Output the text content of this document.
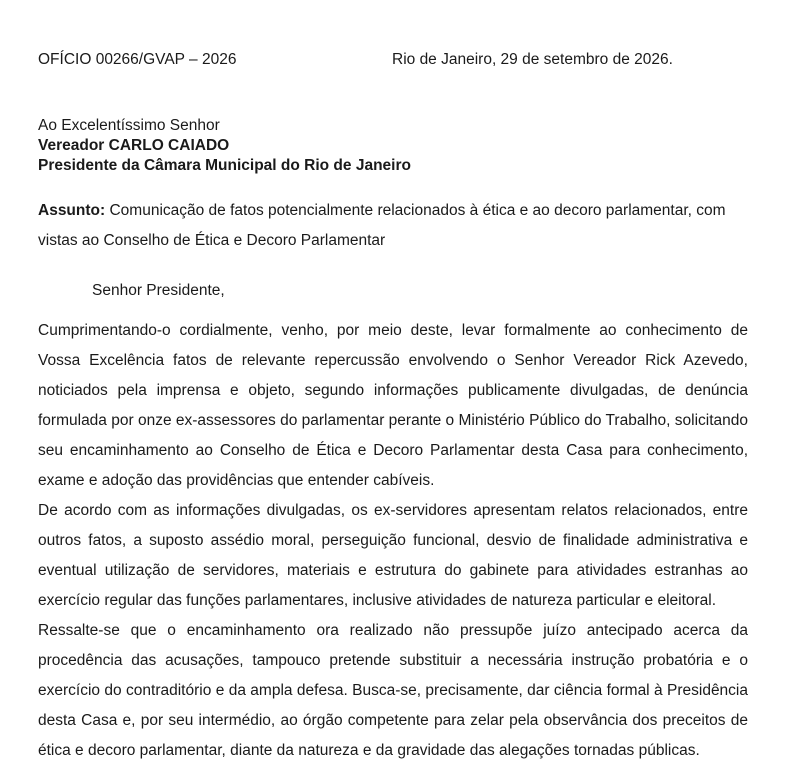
OFÍCIO 00266/GVAP – 2026	Rio de Janeiro, 29 de setembro de 2026.
Ao Excelentíssimo Senhor
Vereador CARLO CAIADO
Presidente da Câmara Municipal do Rio de Janeiro
Assunto: Comunicação de fatos potencialmente relacionados à ética e ao decoro parlamentar, com vistas ao Conselho de Ética e Decoro Parlamentar
Senhor Presidente,

Cumprimentando-o cordialmente, venho, por meio deste, levar formalmente ao conhecimento de Vossa Excelência fatos de relevante repercussão envolvendo o Senhor Vereador Rick Azevedo, noticiados pela imprensa e objeto, segundo informações publicamente divulgadas, de denúncia formulada por onze ex-assessores do parlamentar perante o Ministério Público do Trabalho, solicitando seu encaminhamento ao Conselho de Ética e Decoro Parlamentar desta Casa para conhecimento, exame e adoção das providências que entender cabíveis.

De acordo com as informações divulgadas, os ex-servidores apresentam relatos relacionados, entre outros fatos, a suposto assédio moral, perseguição funcional, desvio de finalidade administrativa e eventual utilização de servidores, materiais e estrutura do gabinete para atividades estranhas ao exercício regular das funções parlamentares, inclusive atividades de natureza particular e eleitoral.

Ressalte-se que o encaminhamento ora realizado não pressupõe juízo antecipado acerca da procedência das acusações, tampouco pretende substituir a necessária instrução probatória e o exercício do contraditório e da ampla defesa. Busca-se, precisamente, dar ciência formal à Presidência desta Casa e, por seu intermédio, ao órgão competente para zelar pela observância dos preceitos de ética e decoro parlamentar, diante da natureza e da gravidade das alegações tornadas públicas.
